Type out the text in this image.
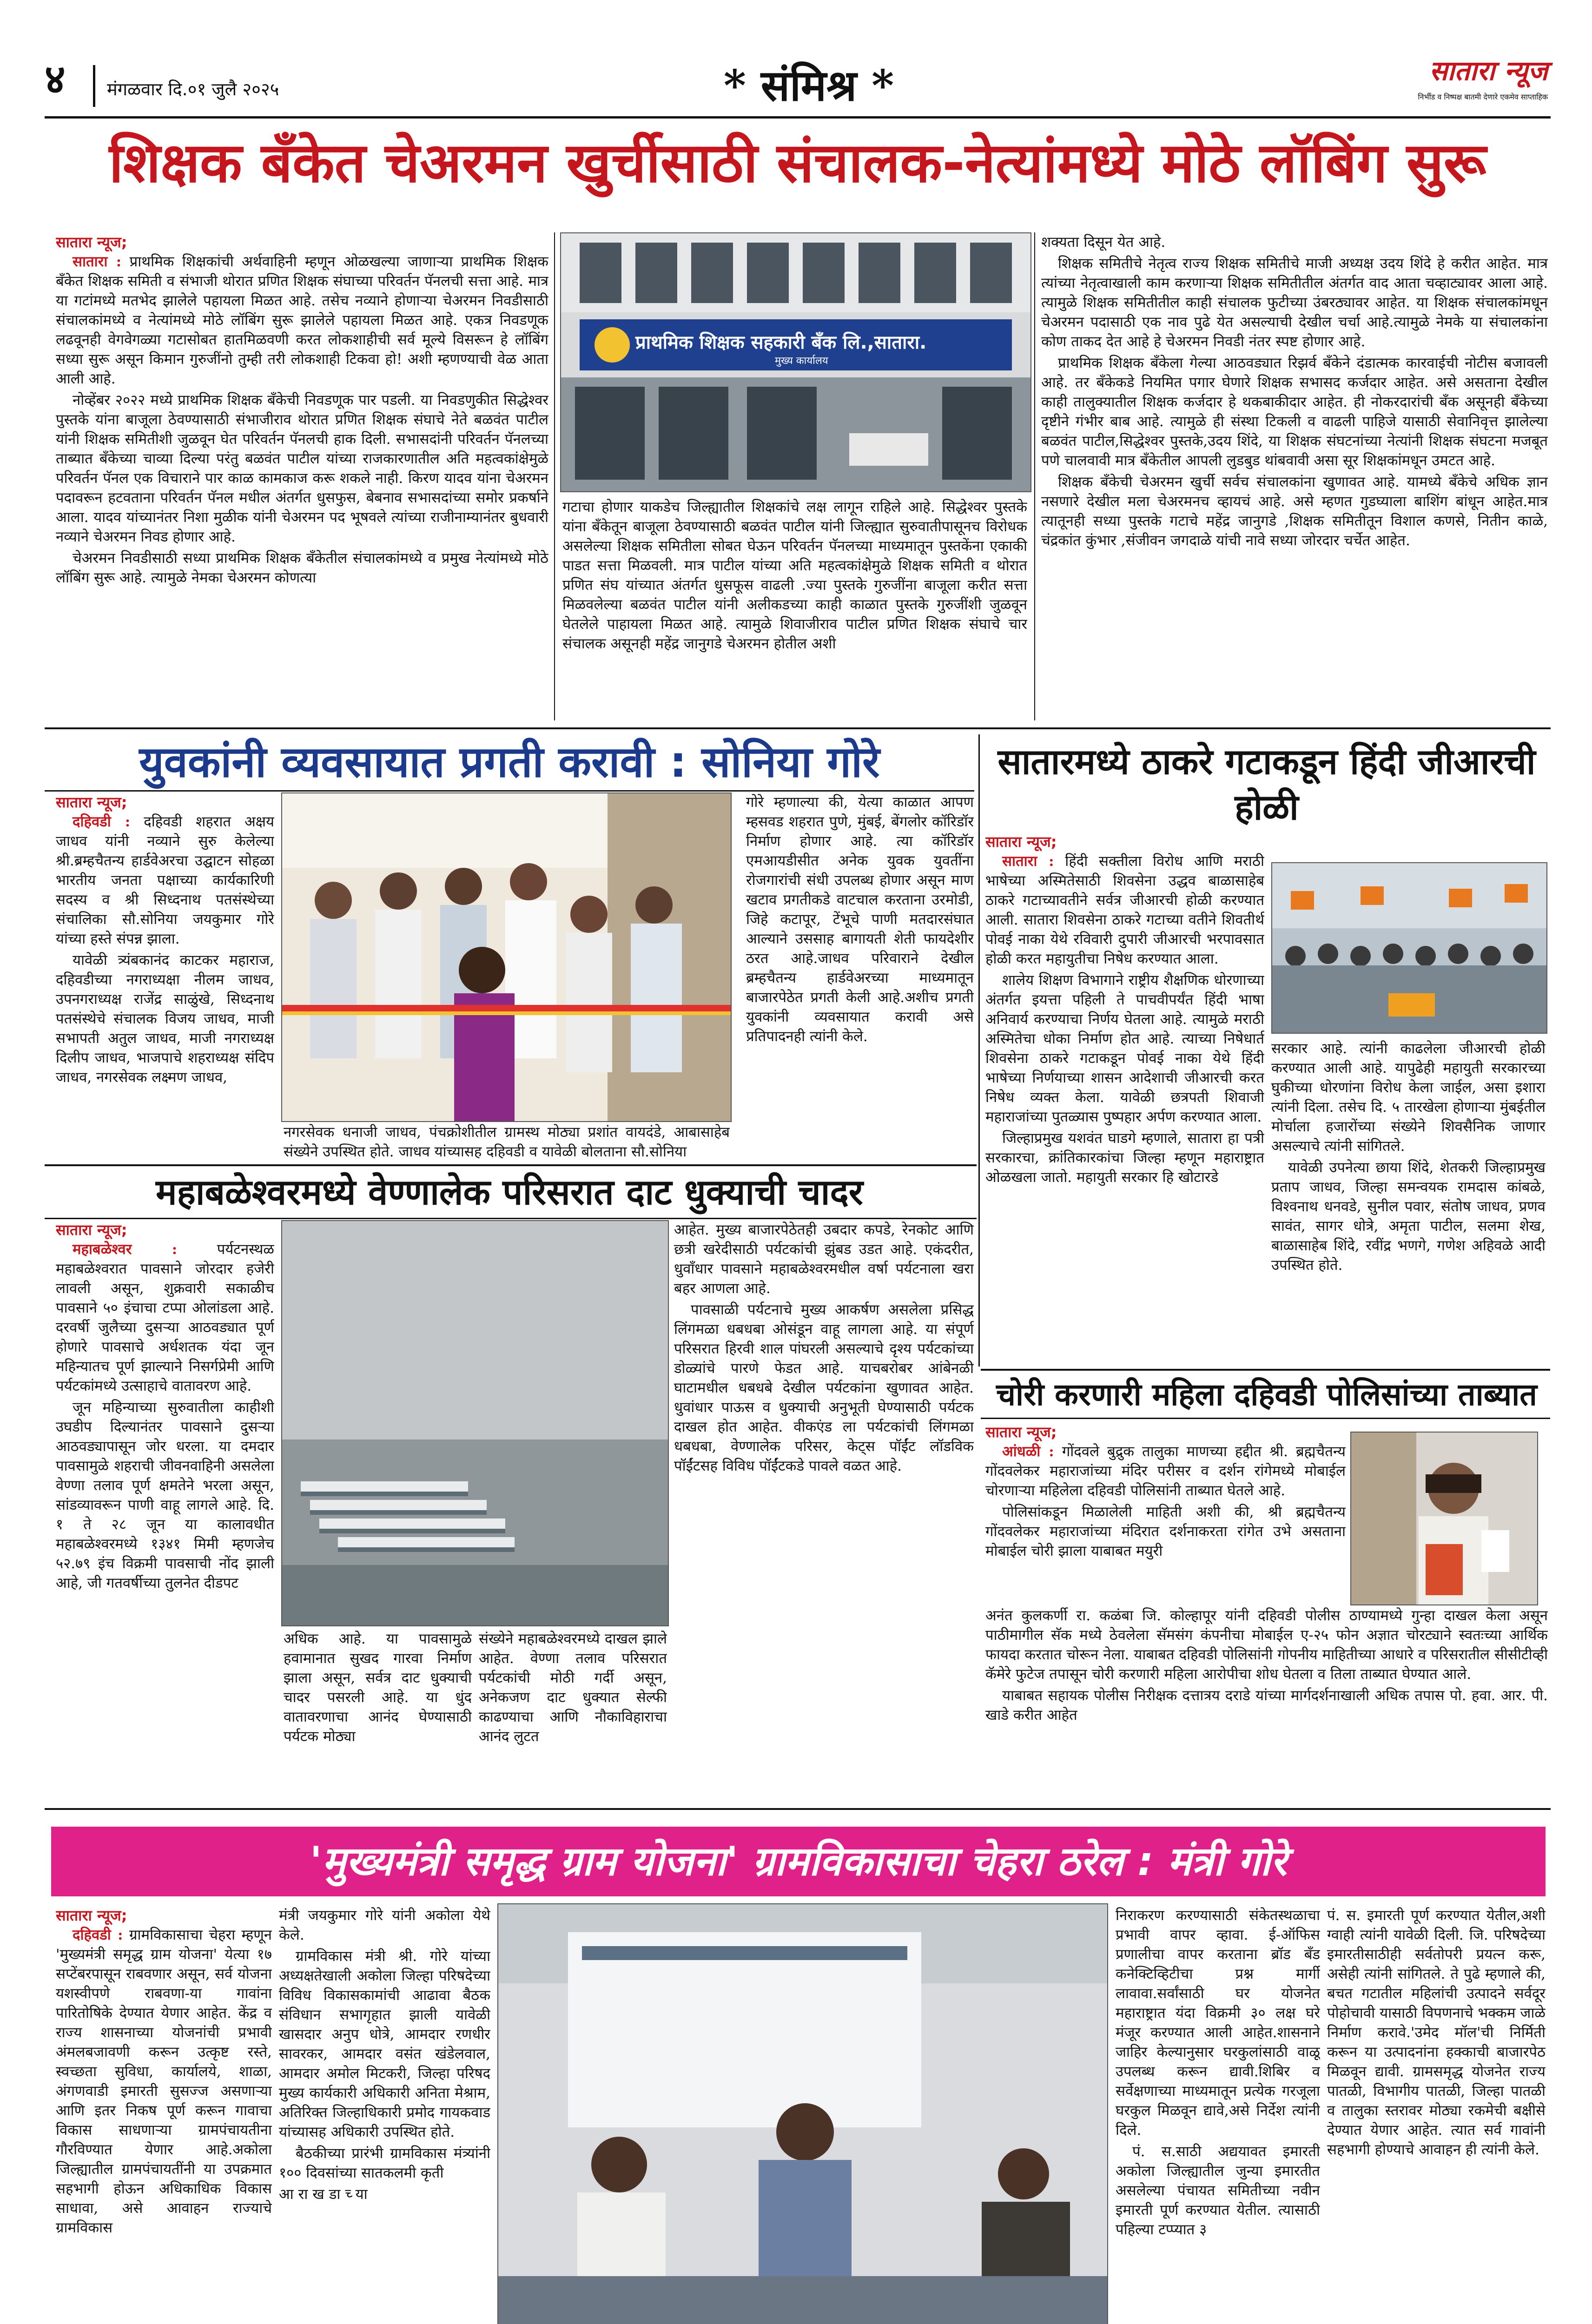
४ मंगळवार दि.०१ जुलै २०२५	* संमिश्र *	सातारा न्यूज
निर्भीड व निष्पक्ष बातमी देणारे एकमेव साप्ताहिक
शिक्षक बँकेत चेअरमन खुर्चीसाठी संचालक-नेत्यांमध्ये मोठे लॉबिंग सुरू
सातारा न्यूज;

सातारा : प्राथमिक शिक्षकांची अर्थवाहिनी म्हणून ओळखल्या जाणाऱ्या प्राथमिक शिक्षक बँकेत शिक्षक समिती व संभाजी थोरात प्रणित शिक्षक संघाच्या परिवर्तन पॅनलची सत्ता आहे. मात्र या गटांमध्ये मतभेद झालेले पहायला मिळत आहे. तसेच नव्याने होणाऱ्या चेअरमन निवडीसाठी संचालकांमध्ये व नेत्यांमध्ये मोठे लॉबिंग सुरू झालेले पहायला मिळत आहे. एकत्र निवडणूक लढवूनही वेगवेगळ्या गटासोबत हातमिळवणी करत लोकशाहीची सर्व मूल्ये विसरून हे लॉबिंग सध्या सुरू असून किमान गुरुजींनो तुम्ही तरी लोकशाही टिकवा हो! अशी म्हणण्याची वेळ आता आली आहे.

नोव्हेंबर २०२२ मध्ये प्राथमिक शिक्षक बँकेची निवडणूक पार पडली. या निवडणुकीत सिद्धेश्वर पुस्तके यांना बाजूला ठेवण्यासाठी संभाजीराव थोरात प्रणित शिक्षक संघाचे नेते बळवंत पाटील यांनी शिक्षक समितीशी जुळवून घेत परिवर्तन पॅनलची हाक दिली. सभासदांनी परिवर्तन पॅनलच्या ताब्यात बँकेच्या चाव्या दिल्या परंतु बळवंत पाटील यांच्या राजकारणातील अति महत्वकांक्षेमुळे परिवर्तन पॅनल एक विचाराने पार काळ कामकाज करू शकले नाही. किरण यादव यांना चेअरमन पदावरून हटवताना परिवर्तन पॅनल मधील अंतर्गत धुसफुस, बेबनाव सभासदांच्या समोर प्रकर्षाने आला. यादव यांच्यानंतर निशा मुळीक यांनी चेअरमन पद भूषवले त्यांच्या राजीनाम्यानंतर बुधवारी नव्याने चेअरमन निवड होणार आहे.

चेअरमन निवडीसाठी सध्या प्राथमिक शिक्षक बँकेतील संचालकांमध्ये व प्रमुख नेत्यांमध्ये मोठे लॉबिंग सुरू आहे. त्यामुळे नेमका चेअरमन कोणत्या

प्राथमिक शिक्षक सहकारी बँक लि.,सातारा.
मुख्य कार्यालय

गटाचा होणार याकडेच जिल्ह्यातील शिक्षकांचे लक्ष लागून राहिले आहे. सिद्धेश्वर पुस्तके यांना बँकेतून बाजूला ठेवण्यासाठी बळवंत पाटील यांनी जिल्ह्यात सुरुवातीपासूनच विरोधक असलेल्या शिक्षक समितीला सोबत घेऊन परिवर्तन पॅनलच्या माध्यमातून पुस्तकेंना एकाकी पाडत सत्ता मिळवली. मात्र पाटील यांच्या अति महत्वकांक्षेमुळे शिक्षक समिती व थोरात प्रणित संघ यांच्यात अंतर्गत धुसफूस वाढली .ज्या पुस्तके गुरुजींना बाजूला करीत सत्ता मिळवलेल्या बळवंत पाटील यांनी अलीकडच्या काही काळात पुस्तके गुरुजींशी जुळवून घेतलेले पाहायला मिळत आहे. त्यामुळे शिवाजीराव पाटील प्रणित शिक्षक संघाचे चार संचालक असूनही महेंद्र जानुगडे चेअरमन होतील अशी

शक्यता दिसून येत आहे.

शिक्षक समितीचे नेतृत्व राज्य शिक्षक समितीचे माजी अध्यक्ष उदय शिंदे हे करीत आहेत. मात्र त्यांच्या नेतृत्वाखाली काम करणाऱ्या शिक्षक समितीतील अंतर्गत वाद आता चव्हाट्यावर आला आहे. त्यामुळे शिक्षक समितीतील काही संचालक फुटीच्या उंबरठ्यावर आहेत. या शिक्षक संचालकांमधून चेअरमन पदासाठी एक नाव पुढे येत असल्याची देखील चर्चा आहे.त्यामुळे नेमके या संचालकांना कोण ताकद देत आहे हे चेअरमन निवडी नंतर स्पष्ट होणार आहे.

प्राथमिक शिक्षक बँकेला गेल्या आठवड्यात रिझर्व बँकेने दंडात्मक कारवाईची नोटीस बजावली आहे. तर बँकेकडे नियमित पगार घेणारे शिक्षक सभासद कर्जदार आहेत. असे असताना देखील काही तालुक्यातील शिक्षक कर्जदार हे थकबाकीदार आहेत. ही नोकरदारांची बँक असूनही बँकेच्या दृष्टीने गंभीर बाब आहे. त्यामुळे ही संस्था टिकली व वाढली पाहिजे यासाठी सेवानिवृत्त झालेल्या बळवंत पाटील,सिद्धेश्वर पुस्तके,उदय शिंदे, या शिक्षक संघटनांच्या नेत्यांनी शिक्षक संघटना मजबूत पणे चालवावी मात्र बँकेतील आपली लुडबुड थांबवावी असा सूर शिक्षकांमधून उमटत आहे.

शिक्षक बँकेची चेअरमन खुर्ची सर्वच संचालकांना खुणावत आहे. यामध्ये बँकेचे अधिक ज्ञान नसणारे देखील मला चेअरमनच व्हायचं आहे. असे म्हणत गुडघ्याला बाशिंग बांधून आहेत.मात्र त्यातूनही सध्या पुस्तके गटाचे महेंद्र जानुगडे ,शिक्षक समितीतून विशाल कणसे, नितीन काळे, चंद्रकांत कुंभार ,संजीवन जगदाळे यांची नावे सध्या जोरदार चर्चेत आहेत.

युवकांनी व्यवसायात प्रगती करावी : सोनिया गोरे
सातारा न्यूज;

दहिवडी : दहिवडी शहरात अक्षय जाधव यांनी नव्याने सुरु केलेल्या श्री.ब्रम्हचैतन्य हार्डवेअरचा उद्घाटन सोहळा भारतीय जनता पक्षाच्या कार्यकारिणी सदस्य व श्री सिध्दनाथ पतसंस्थेच्या संचालिका सौ.सोनिया जयकुमार गोरे यांच्या हस्ते संपन्न झाला.

यावेळी त्र्यंबकानंद काटकर महाराज, दहिवडीच्या नगराध्यक्षा नीलम जाधव, उपनगराध्यक्ष राजेंद्र साळुंखे, सिध्दनाथ पतसंस्थेचे संचालक विजय जाधव, माजी सभापती अतुल जाधव, माजी नगराध्यक्ष दिलीप जाधव, भाजपाचे शहराध्यक्ष संदिप जाधव, नगरसेवक लक्ष्मण जाधव,

नगरसेवक धनाजी जाधव, पंचक्रोशीतील ग्रामस्थ मोठ्या प्रशांत वायदंडे, आबासाहेब संख्येने उपस्थित होते. जाधव यांच्यासह दहिवडी व यावेळी बोलताना सौ.सोनिया

गोरे म्हणाल्या की, येत्या काळात आपण म्हसवड शहरात पुणे, मुंबई, बेंगलोर कॉरिडॉर निर्माण होणार आहे. त्या कॉरिडॉर एमआयडीसीत अनेक युवक युवतींना रोजगारांची संधी उपलब्ध होणार असून माण खटाव प्रगतीकडे वाटचाल करताना उरमोडी, जिहे कटापूर, टेंभूचे पाणी मतदारसंघात आल्याने उससाह बागायती शेती फायदेशीर ठरत आहे.जाधव परिवाराने देखील ब्रम्हचैतन्य हार्डवेअरच्या माध्यमातून बाजारपेठेत प्रगती केली आहे.अशीच प्रगती युवकांनी व्यवसायात करावी असे प्रतिपादनही त्यांनी केले.

सातारमध्ये ठाकरे गटाकडून हिंदी जीआरची होळी
सातारा न्यूज;

सातारा : हिंदी सक्तीला विरोध आणि मराठी भाषेच्या अस्मितेसाठी शिवसेना उद्धव बाळासाहेब ठाकरे गटाच्यावतीने सर्वत्र जीआरची होळी करण्यात आली. सातारा शिवसेना ठाकरे गटाच्या वतीने शिवतीर्थ पोवई नाका येथे रविवारी दुपारी जीआरची भरपावसात होळी करत महायुतीचा निषेध करण्यात आला.

शालेय शिक्षण विभागाने राष्ट्रीय शैक्षणिक धोरणाच्या अंतर्गत इयत्ता पहिली ते पाचवीपर्यंत हिंदी भाषा अनिवार्य करण्याचा निर्णय घेतला आहे. त्यामुळे मराठी अस्मितेचा धोका निर्माण होत आहे. त्याच्या निषेधार्त शिवसेना ठाकरे गटाकडून पोवई नाका येथे हिंदी भाषेच्या निर्णयाच्या शासन आदेशाची जीआरची करत निषेध व्यक्त केला. यावेळी छत्रपती शिवाजी महाराजांच्या पुतळ्यास पुष्पहार अर्पण करण्यात आला.

जिल्हाप्रमुख यशवंत घाडगे म्हणाले, सातारा हा पत्री सरकारचा, क्रांतिकारकांचा जिल्हा म्हणून महाराष्ट्रात ओळखला जातो. महायुती सरकार हि खोटारडे

सरकार आहे. त्यांनी काढलेला जीआरची होळी करण्यात आली आहे. यापुढेही महायुती सरकारच्या घुकीच्या धोरणांना विरोध केला जाईल, असा इशारा त्यांनी दिला. तसेच दि. ५ तारखेला होणाऱ्या मुंबईतील मोर्चाला हजारोंच्या संख्येने शिवसैनिक जाणार असल्याचे त्यांनी सांगितले.

यावेळी उपनेत्या छाया शिंदे, शेतकरी जिल्हाप्रमुख प्रताप जाधव, जिल्हा समन्वयक रामदास कांबळे, विश्वनाथ धनवडे, सुनील पवार, संतोष जाधव, प्रणव सावंत, सागर धोत्रे, अमृता पाटील, सलमा शेख, बाळासाहेब शिंदे, रवींद्र भणगे, गणेश अहिवळे आदी उपस्थित होते.

महाबळेश्वरमध्ये वेण्णालेक परिसरात दाट धुक्याची चादर
सातारा न्यूज;

महाबळेश्वर :	पर्यटनस्थळ महाबळेश्वरात पावसाने जोरदार हजेरी लावली असून, शुक्रवारी सकाळीच पावसाने ५० इंचाचा टप्पा ओलांडला आहे. दरवर्षी जुलैच्या दुसऱ्या आठवड्यात पूर्ण होणारे पावसाचे अर्धशतक यंदा जून महिन्यातच पूर्ण झाल्याने निसर्गप्रेमी आणि पर्यटकांमध्ये उत्साहाचे वातावरण आहे.

जून महिन्याच्या सुरुवातीला काहीशी उघडीप दिल्यानंतर पावसाने दुसऱ्या आठवड्यापासून जोर धरला. या दमदार पावसामुळे शहराची जीवनवाहिनी असलेला वेण्णा तलाव पूर्ण क्षमतेने भरला असून, सांडव्यावरून पाणी वाहू लागले आहे. दि. १ ते २८ जून या कालावधीत महाबळेश्वरमध्ये १३४१ मिमी म्हणजेच ५२.७९ इंच विक्रमी पावसाची नोंद झाली आहे, जी गतवर्षीच्या तुलनेत दीडपट

अधिक आहे. या पावसामुळे हवामानात सुखद गारवा निर्माण झाला असून, सर्वत्र दाट धुक्याची चादर पसरली आहे. या धुंद वातावरणाचा आनंद घेण्यासाठी पर्यटक मोठ्या

संख्येने महाबळेश्वरमध्ये दाखल झाले आहेत. वेण्णा तलाव परिसरात पर्यटकांची मोठी गर्दी असून, अनेकजण दाट धुक्यात सेल्फी काढण्याचा आणि नौकाविहाराचा आनंद लुटत

आहेत. मुख्य बाजारपेठेतही उबदार कपडे, रेनकोट आणि छत्री खरेदीसाठी पर्यटकांची झुंबड उडत आहे. एकंदरीत, धुवाँधार पावसाने महाबळेश्वरमधील वर्षा पर्यटनाला खरा बहर आणला आहे.

पावसाळी पर्यटनाचे मुख्य आकर्षण असलेला प्रसिद्ध लिंगमळा धबधबा ओसंडून वाहू लागला आहे. या संपूर्ण परिसरात हिरवी शाल पांघरली असल्याचे दृश्य पर्यटकांच्या डोळ्यांचे पारणे फेडत आहे. याचबरोबर आंबेनळी घाटामधील धबधबे देखील पर्यटकांना खुणावत आहेत. धुवांधार पाऊस व धुक्याची अनुभूती घेण्यासाठी पर्यटक दाखल होत आहेत. वीकएंड ला पर्यटकांची लिंगमळा धबधबा, वेण्णालेक परिसर, केट्स पॉईंट लॉडविक पॉईंटसह विविध पॉईंटकडे पावले वळत आहे.

चोरी करणारी महिला दहिवडी पोलिसांच्या ताब्यात
सातारा न्यूज;

आंधळी : गोंदवले बुद्रुक तालुका माणच्या हद्दीत श्री. ब्रह्मचैतन्य गोंदवलेकर महाराजांच्या मंदिर परीसर व दर्शन रांगेमध्ये मोबाईल चोरणाऱ्या महिलेला दहिवडी पोलिसांनी ताब्यात घेतले आहे.

पोलिसांकडून मिळालेली माहिती अशी की, श्री ब्रह्मचैतन्य गोंदवलेकर महाराजांच्या मंदिरात दर्शनाकरता रांगेत उभे असताना मोबाईल चोरी झाला याबाबत मयुरी

अनंत कुलकर्णी रा. कळंबा जि. कोल्हापूर यांनी दहिवडी पोलीस ठाण्यामध्ये गुन्हा दाखल केला असून पाठीमागील सॅक मध्ये ठेवलेला सॅमसंग कंपनीचा मोबाईल ए-२५ फोन अज्ञात चोरट्याने स्वतःच्या आर्थिक फायदा करतात चोरून नेला. याबाबत दहिवडी पोलिसांनी गोपनीय माहितीच्या आधारे व परिसरातील सीसीटीव्ही कॅमेरे फुटेज तपासून चोरी करणारी महिला आरोपीचा शोध घेतला व तिला ताब्यात घेण्यात आले.

याबाबत सहायक पोलीस निरीक्षक दत्तात्रय दराडे यांच्या मार्गदर्शनाखाली अधिक तपास पो. हवा. आर. पी. खाडे करीत आहेत

'मुख्यमंत्री समृद्ध ग्राम योजना' ग्रामविकासाचा चेहरा ठरेल : मंत्री गोरे
सातारा न्यूज;

दहिवडी : ग्रामविकासाचा चेहरा म्हणून 'मुख्यमंत्री समृद्ध ग्राम योजना' येत्या १७ सप्टेंबरपासून राबवणार असून, सर्व योजना यशस्वीपणे राबवणा-या गावांना पारितोषिके देण्यात येणार आहेत. केंद्र व राज्य शासनाच्या योजनांची प्रभावी अंमलबजावणी करून उत्कृष्ट रस्ते, स्वच्छता सुविधा, कार्यालये, शाळा, अंगणवाडी इमारती सुसज्ज असणाऱ्या आणि इतर निकष पूर्ण करून गावाचा विकास साधणाऱ्या ग्रामपंचायतीना गौरविण्यात येणार आहे.अकोला जिल्ह्यातील ग्रामपंचायतींनी या उपक्रमात सहभागी होऊन अधिकाधिक विकास साधावा, असे आवाहन राज्याचे ग्रामविकास

मंत्री जयकुमार गोरे यांनी अकोला येथे केले.

ग्रामविकास मंत्री श्री. गोरे यांच्या अध्यक्षतेखाली अकोला जिल्हा परिषदेच्या विविध विकासकामांची आढावा बैठक संविधान सभागृहात झाली यावेळी खासदार अनुप धोत्रे, आमदार रणधीर सावरकर, आमदार वसंत खंडेलवाल, आमदार अमोल मिटकरी, जिल्हा परिषद मुख्य कार्यकारी अधिकारी अनिता मेश्राम, अतिरिक्त जिल्हाधिकारी प्रमोद गायकवाड यांच्यासह अधिकारी उपस्थित होते.

बैठकीच्या प्रारंभी ग्रामविकास मंत्र्यांनी १०० दिवसांच्या सातकलमी कृती

आराखडाच्या

निराकरण करण्यासाठी संकेतस्थळाचा प्रभावी वापर व्हावा. ई-ऑफिस प्रणालीचा वापर करताना ब्रॉड बँड कनेक्टिव्हिटीचा प्रश्न मार्गी लावावा.सर्वांसाठी घर योजनेत महाराष्ट्रात यंदा विक्रमी ३० लक्ष घरे मंजूर करण्यात आली आहेत.शासनाने जाहिर केल्यानुसार घरकुलांसाठी वाळू उपलब्ध करून द्यावी.शिबिर व सर्वेक्षणाच्या माध्यमातून प्रत्येक गरजूला घरकुल मिळवून द्यावे,असे निर्देश त्यांनी दिले.

पं. स.साठी अद्ययावत इमारती अकोला जिल्ह्यातील जुन्या इमारतीत असलेल्या पंचायत समितीच्या नवीन इमारती पूर्ण करण्यात येतील. त्यासाठी पहिल्या टप्प्यात ३

पं. स. इमारती पूर्ण करण्यात येतील,अशी ग्वाही त्यांनी यावेळी दिली. जि. परिषदेच्या इमारतीसाठीही सर्वतोपरी प्रयत्न करू, असेही त्यांनी सांगितले. ते पुढे म्हणाले की, बचत गटातील महिलांची उत्पादने सर्वदूर पोहोचावी यासाठी विपणनाचे भक्कम जाळे निर्माण करावे.'उमेद मॉल'ची निर्मिती करून या उत्पादनांना हक्काची बाजारपेठ मिळवून द्यावी. ग्रामसमृद्ध योजनेत राज्य पातळी, विभागीय पातळी, जिल्हा पातळी व तालुका स्तरावर मोठ्या रकमेची बक्षीसे देण्यात येणार आहेत. त्यात सर्व गावांनी सहभागी होण्याचे आवाहन ही त्यांनी केले.
